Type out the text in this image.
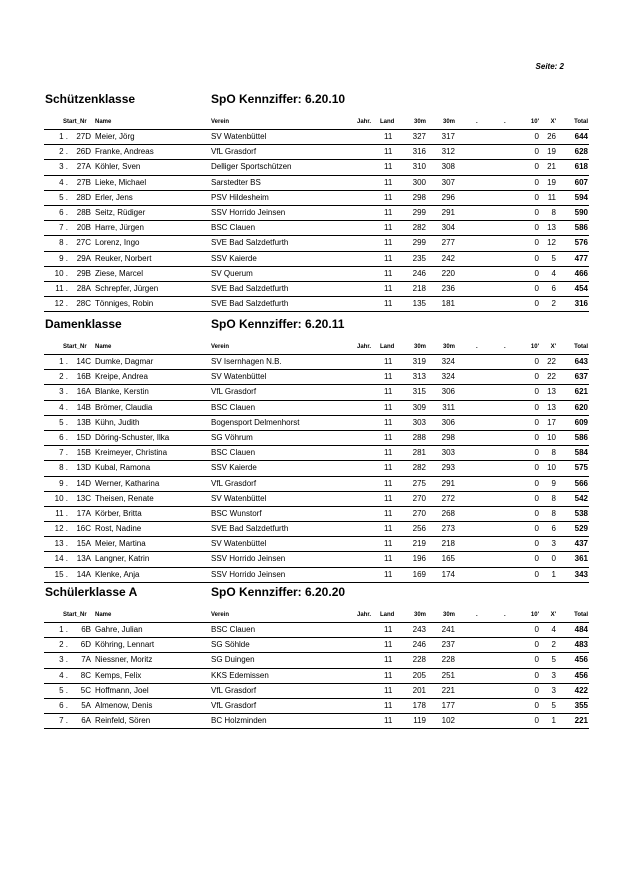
Seite: 2
Schützenklasse	SpO Kennziffer: 6.20.10
Start_Nr Name	Verein	Jahr. Land	30m	30m	.	.	10'	X'	Total
1 .	27D Meier, Jörg	SV Watenbüttel	11	327	317	0	26	644
2 .	26D Franke, Andreas	VfL Grasdorf	11	316	312	0	19	628
3 .	27A Köhler, Sven	Delliger Sportschützen	11	310	308	0	21	618
4 .	27B Lieke, Michael	Sarstedter BS	11	300	307	0	19	607
5 .	28D Erler, Jens	PSV Hildesheim	11	298	296	0	11	594
6 .	28B Seitz, Rüdiger	SSV Horrido Jeinsen	11	299	291	0	8	590
7 .	20B Harre, Jürgen	BSC Clauen	11	282	304	0	13	586
8 .	27C Lorenz, Ingo	SVE Bad Salzdetfurth	11	299	277	0	12	576
9 .	29A Reuker, Norbert	SSV Kaierde	11	235	242	0	5	477
10 .	29B Ziese, Marcel	SV Querum	11	246	220	0	4	466
11 .	28A Schrepfer, Jürgen	SVE Bad Salzdetfurth	11	218	236	0	6	454
12 .	28C Tönniges, Robin	SVE Bad Salzdetfurth	11	135	181	0	2	316
Damenklasse	SpO Kennziffer: 6.20.11
Start_Nr Name	Verein	Jahr. Land	30m	30m	.	.	10'	X'	Total
1 .	14C Dumke, Dagmar	SV Isernhagen N.B.	11	319	324	0	22	643
2 .	16B Kreipe, Andrea	SV Watenbüttel	11	313	324	0	22	637
3 .	16A Blanke, Kerstin	VfL Grasdorf	11	315	306	0	13	621
4 .	14B Brömer, Claudia	BSC Clauen	11	309	311	0	13	620
5 .	13B Kühn, Judith	Bogensport Delmenhorst	11	303	306	0	17	609
6 .	15D Döring-Schuster, Ilka	SG Vöhrum	11	288	298	0	10	586
7 .	15B Kreimeyer, Christina	BSC Clauen	11	281	303	0	8	584
8 .	13D Kubal, Ramona	SSV Kaierde	11	282	293	0	10	575
9 .	14D Werner, Katharina	VfL Grasdorf	11	275	291	0	9	566
10 .	13C Theisen, Renate	SV Watenbüttel	11	270	272	0	8	542
11 .	17A Körber, Britta	BSC Wunstorf	11	270	268	0	8	538
12 .	16C Rost, Nadine	SVE Bad Salzdetfurth	11	256	273	0	6	529
13 .	15A Meier, Martina	SV Watenbüttel	11	219	218	0	3	437
14 .	13A Langner, Katrin	SSV Horrido Jeinsen	11	196	165	0	0	361
15 .	14A Klenke, Anja	SSV Horrido Jeinsen	11	169	174	0	1	343
Schülerklasse A	SpO Kennziffer: 6.20.20
Start_Nr Name	Verein	Jahr. Land	30m	30m	.	.	10'	X'	Total
1 .	6B Gahre, Julian	BSC Clauen	11	243	241	0	4	484
2 .	6D Köhring, Lennart	SG Söhlde	11	246	237	0	2	483
3 .	7A Niessner, Moritz	SG Duingen	11	228	228	0	5	456
4 .	8C Kemps, Felix	KKS Edemissen	11	205	251	0	3	456
5 .	5C Hoffmann, Joel	VfL Grasdorf	11	201	221	0	3	422
6 .	5A Almenow, Denis	VfL Grasdorf	11	178	177	0	5	355
7 .	6A Reinfeld, Sören	BC Holzminden	11	119	102	0	1	221
